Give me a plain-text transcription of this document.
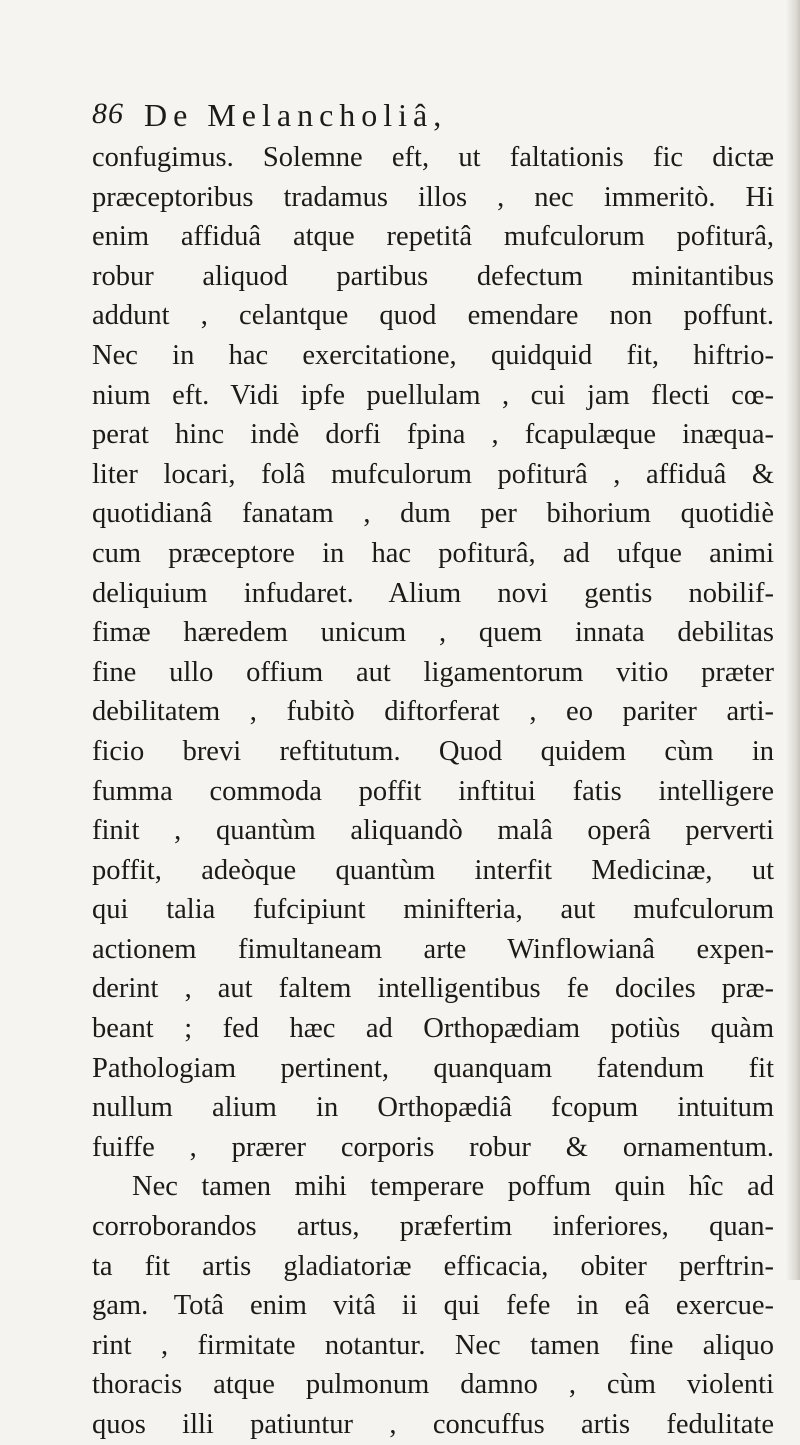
86 De Melancholiâ,
confugimus. Solemne eft, ut faltationis fic dictæ
præceptoribus tradamus illos , nec immeritò. Hi
enim affiduâ atque repetitâ mufculorum pofiturâ,
robur aliquod partibus defectum minitantibus
addunt , celantque quod emendare non poffunt.
Nec in hac exercitatione, quidquid fit, hiftrio-
nium eft. Vidi ipfe puellulam , cui jam flecti cœ-
perat hinc indè dorfi fpina , fcapulæque inæqua-
liter locari, folâ mufculorum pofiturâ , affiduâ &
quotidianâ fanatam , dum per bihorium quotidiè
cum præceptore in hac pofiturâ, ad ufque animi
deliquium infudaret. Alium novi gentis nobilif-
fimæ hæredem unicum , quem innata debilitas
fine ullo offium aut ligamentorum vitio præter
debilitatem , fubitò diftorferat , eo pariter arti-
ficio brevi reftitutum. Quod quidem cùm in
fumma commoda poffit inftitui fatis intelligere
finit , quantùm aliquandò malâ operâ perverti
poffit, adeòque quantùm interfit Medicinæ, ut
qui talia fufcipiunt minifteria, aut mufculorum
actionem fimultaneam arte Winflowianâ expen-
derint , aut faltem intelligentibus fe dociles præ-
beant ; fed hæc ad Orthopædiam potiùs quàm
Pathologiam pertinent, quanquam fatendum fit
nullum alium in Orthopædiâ fcopum intuitum
fuiffe , prærer corporis robur & ornamentum.
Nec tamen mihi temperare poffum quin hîc ad
corroborandos artus, præfertim inferiores, quan-
ta fit artis gladiatoriæ efficacia, obiter perftrin-
gam. Totâ enim vitâ ii qui fefe in eâ exercue-
rint , firmitate notantur. Nec tamen fine aliquo
thoracis atque pulmonum damno , cùm violenti
quos illi patiuntur , concuffus artis fedulitate
